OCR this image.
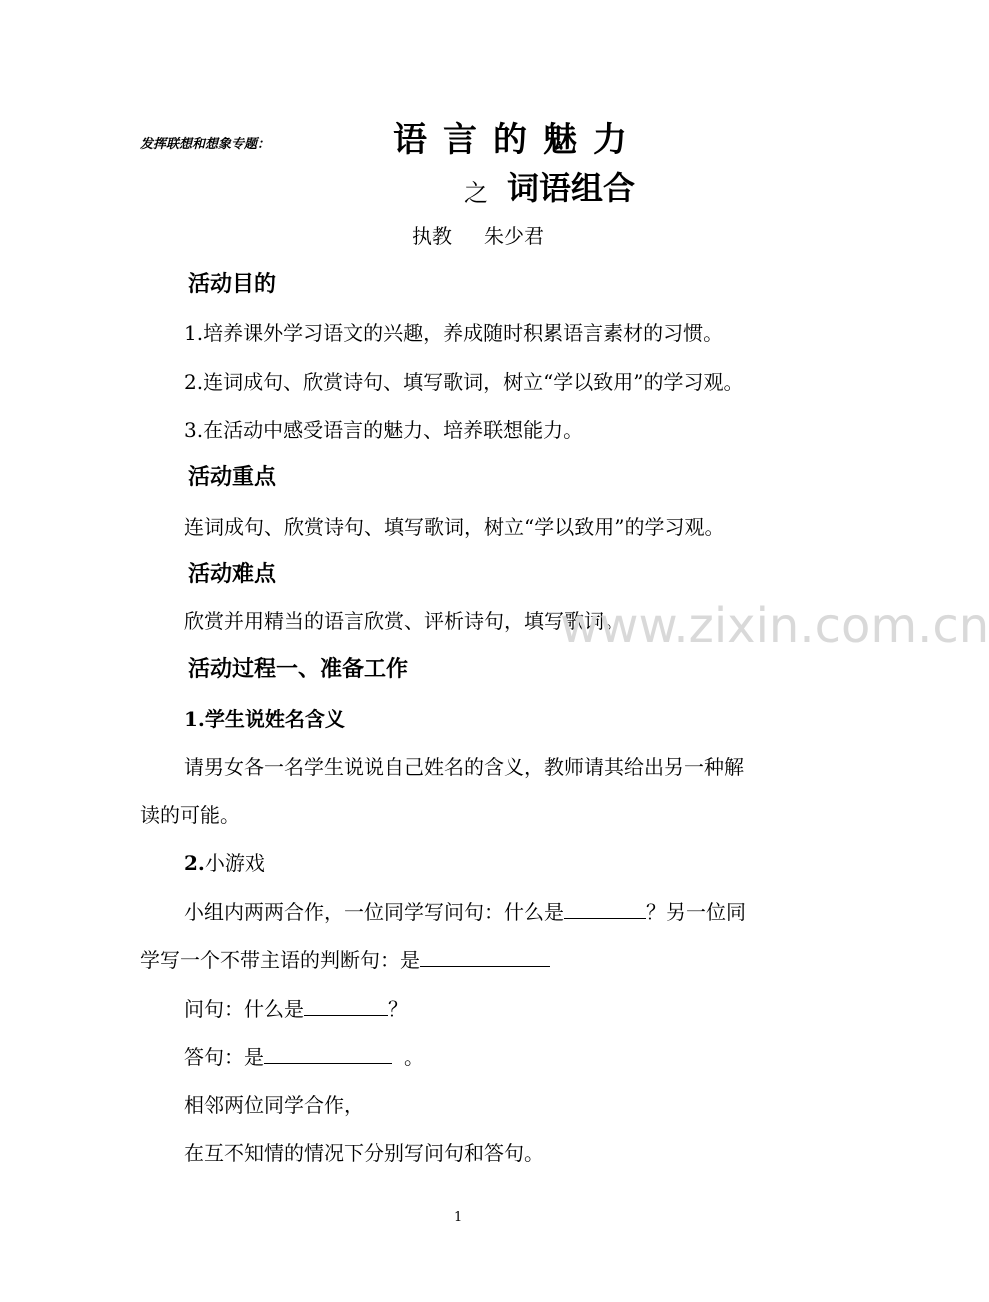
发挥联想和想象专题：	语言的魅力
之 词语组合
执教 朱少君
活动目的
1.培养课外学习语文的兴趣，养成随时积累语言素材的习惯。
2.连词成句、欣赏诗句、填写歌词，树立“学以致用”的学习观。
3.在活动中感受语言的魅力、培养联想能力。
活动重点
连词成句、欣赏诗句、填写歌词，树立“学以致用”的学习观。
活动难点
欣赏并用精当的语言欣赏、评析诗句，填写歌词。
www.zixin.com.cn
活动过程一、准备工作
1.学生说姓名含义
请男女各一名学生说说自己姓名的含义，教师请其给出另一种解
读的可能。
2.小游戏
小组内两两合作，一位同学写问句：什么是	？另一位同
学写一个不带主语的判断句：是
问句：什么是	？
答句：是	。
相邻两位同学合作，
在互不知情的情况下分别写问句和答句。
1
